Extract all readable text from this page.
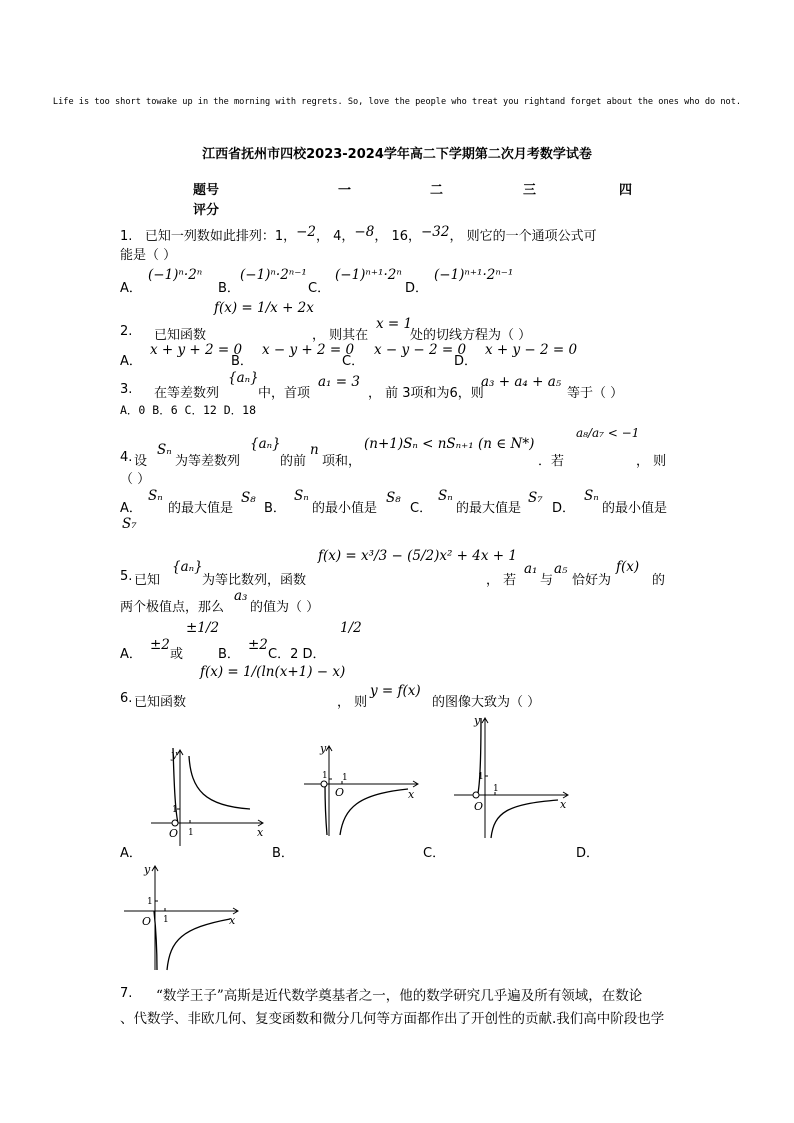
Life is too short towake up in the morning with regrets. So, love the people who treat you rightand forget about the ones who do not.
江西省抚州市四校2023-2024学年高二下学期第二次月考数学试卷
题号	一	二	三	四
评分
1. 已知一列数如此排列：1，−2， 4，−8， 16，−32， 则它的一个通项公式可
能是（ ）
A．
(−1)ⁿ·2ⁿ
B．
(−1)ⁿ·2ⁿ⁻¹
C．
(−1)ⁿ⁺¹·2ⁿ
D．
(−1)ⁿ⁺¹·2ⁿ⁻¹
2. 已知函数
f(x) = 1/x + 2x
， 则其在
x = 1
处的切线方程为（ ）
A．
x + y + 2 = 0
B．
x − y + 2 = 0
C．
x − y − 2 = 0
D．
x + y − 2 = 0
3. 在等差数列
{aₙ}
中，首项
a₁ = 3
， 前 3项和为6，则
a₃ + a₄ + a₅
等于（ ）
A．0 B．6 C．12 D．18
4. 设
Sₙ
为等差数列
{aₙ}
的前
n
项和，
(n+1)Sₙ < nSₙ₊₁ (n ∈ N*)
．若
a₈/a₇ < −1
， 则
（ ）
A．
Sₙ
的最大值是
S₈
B．
Sₙ
的最小值是
S₈
C．
Sₙ
的最大值是
S₇
D．
Sₙ
的最小值是
S₇
5. 已知
{aₙ}
为等比数列，函数
f(x) = x³/3 − (5/2)x² + 4x + 1
， 若
a₁
与
a₅
恰好为
f(x)
的
两个极值点，那么
a₃
的值为（ ）
A．
±2
或
±1/2
B．
±2
C．2 D．
1/2
6. 已知函数
f(x) = 1/(ln(x+1) − x)
， 则
y = f(x)
的图像大致为（ ）
y
x
O
1
1
A．
y
x
O
1 1
B．
y
x
O
1
1
C．	D．
y
x
O
1
1
7. “数学王子”高斯是近代数学奠基者之一，他的数学研究几乎遍及所有领域，在数论
、代数学、非欧几何、复变函数和微分几何等方面都作出了开创性的贡献.我们高中阶段也学
